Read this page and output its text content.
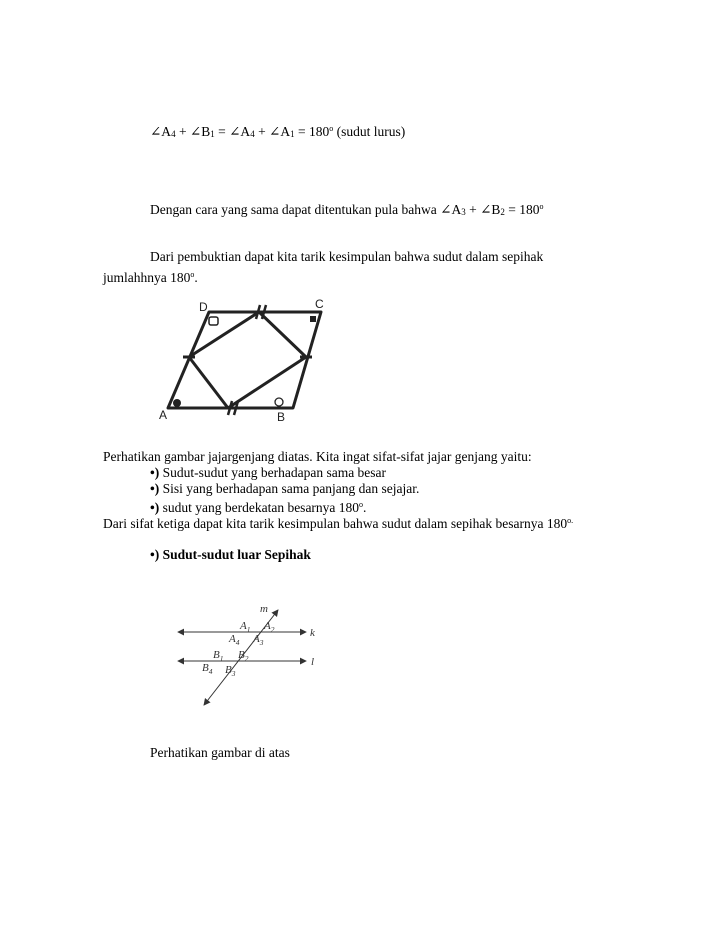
∠A4 + ∠B1 = ∠A4 + ∠A1 = $180^o$ (sudut lurus)
Dengan cara yang sama dapat ditentukan pula bahwa ∠A3 + ∠B2 = $180^o$
Dari pembuktian dapat kita tarik kesimpulan bahwa sudut dalam sepihak
jumlahhnya 180$^o$.
D	C
A	B
Perhatikan gambar jajargenjang diatas. Kita ingat sifat-sifat jajar genjang yaitu:
•) Sudut-sudut yang berhadapan sama besar
•) Sisi yang berhadapan sama panjang dan sejajar.
•) sudut yang berdekatan besarnya 180$^o$.
Dari sifat ketiga dapat kita tarik kesimpulan bahwa sudut dalam sepihak besarnya $180^{o.}$
•) Sudut-sudut luar Sepihak
m
k
l
$A_1$ $A_2$
$A_4$ $A_3$
$B_1$ $B_2$
$B_4$ $B_3$
Perhatikan gambar di atas
